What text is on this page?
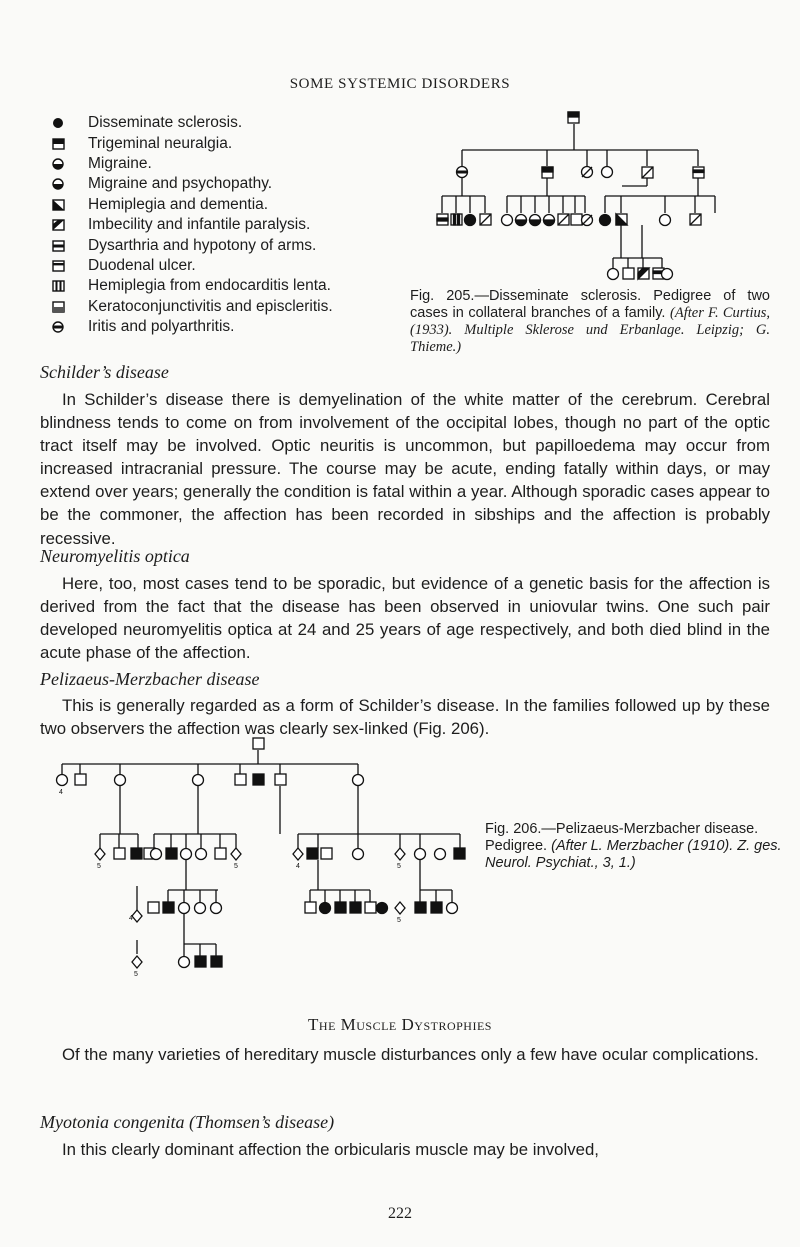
SOME SYSTEMIC DISORDERS
Disseminate sclerosis.
Trigeminal neuralgia.
Migraine.
Migraine and psychopathy.
Hemiplegia and dementia.
Imbecility and infantile paralysis.
Dysarthria and hypotony of arms.
Duodenal ulcer.
Hemiplegia from endocarditis lenta.
Keratoconjunctivitis and episcleritis.
Iritis and polyarthritis.
Fig. 205.—Disseminate sclerosis. Pedigree of two cases in collateral branches of a family. (After F. Curtius, (1933). Multiple Sklerose und Erbanlage. Leipzig; G. Thieme.)
Schilder’s disease

In Schilder’s disease there is demyelination of the white matter of the cerebrum. Cerebral blindness tends to come on from involvement of the occipital lobes, though no part of the optic tract itself may be involved. Optic neuritis is uncommon, but papilloedema may occur from increased intracranial pressure. The course may be acute, ending fatally within days, or may extend over years; generally the condition is fatal within a year. Although sporadic cases appear to be the commoner, the affection has been recorded in sibships and the affection is probably recessive.

Neuromyelitis optica

Here, too, most cases tend to be sporadic, but evidence of a genetic basis for the affection is derived from the fact that the disease has been observed in uniovular twins. One such pair developed neuromyelitis optica at 24 and 25 years of age respectively, and both died blind in the acute phase of the affection.

Pelizaeus-Merzbacher disease

This is generally regarded as a form of Schilder’s disease. In the families followed up by these two observers the affection was clearly sex-linked (Fig. 206).

4
5	5	4	5
4	5
5
Fig. 206.—Pelizaeus-Merzbacher disease. Pedigree. (After L. Merzbacher (1910). Z. ges. Neurol. Psychiat., 3, 1.)
The Muscle Dystrophies

Of the many varieties of hereditary muscle disturbances only a few have ocular complications.

Myotonia congenita (Thomsen’s disease)

In this clearly dominant affection the orbicularis muscle may be involved,

222
